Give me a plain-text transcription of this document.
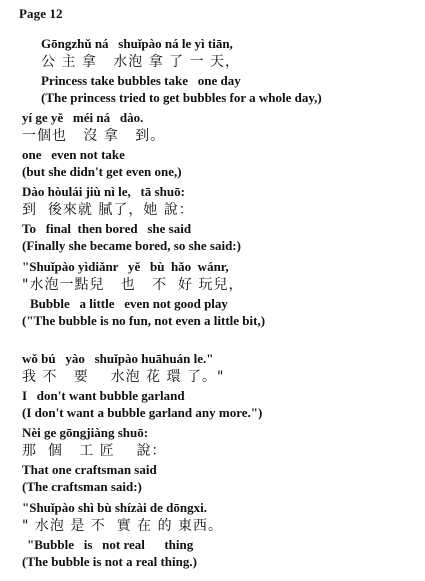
Page 12
Gōngzhǔ ná   shuǐpào ná le yì tiān,
公 主 拿   水泡 拿 了 一 天，
Princess take bubbles take   one day
(The princess tried to get bubbles for a whole day,)
yí ge yě   méi ná   dào.
一個也   沒 拿   到。
one   even not take
(but she didn't get even one,)
Dào hòulái jiù nì le,   tā shuō:
到  後來就 膩了，她 說：
To   final  then bored   she said
(Finally she became bored, so she said:)
"Shuǐpào yìdiǎnr   yě   bù  hǎo  wánr,
"水泡一點兒   也   不  好 玩兒，
Bubble   a little   even not good play
("The bubble is no fun, not even a little bit,)
wǒ bú   yào   shuǐpào huāhuán le."
我 不   要    水泡 花 環 了。"
I   don't want bubble garland
(I don't want a bubble garland any more.")
Nèi ge gōngjiàng shuō:
那  個   工 匠    說：
That one craftsman said
(The craftsman said:)
"Shuǐpào shì bù shízài de dōngxi.
" 水泡 是 不  實 在 的 東西。
"Bubble   is   not real      thing
(The bubble is not a real thing.)
